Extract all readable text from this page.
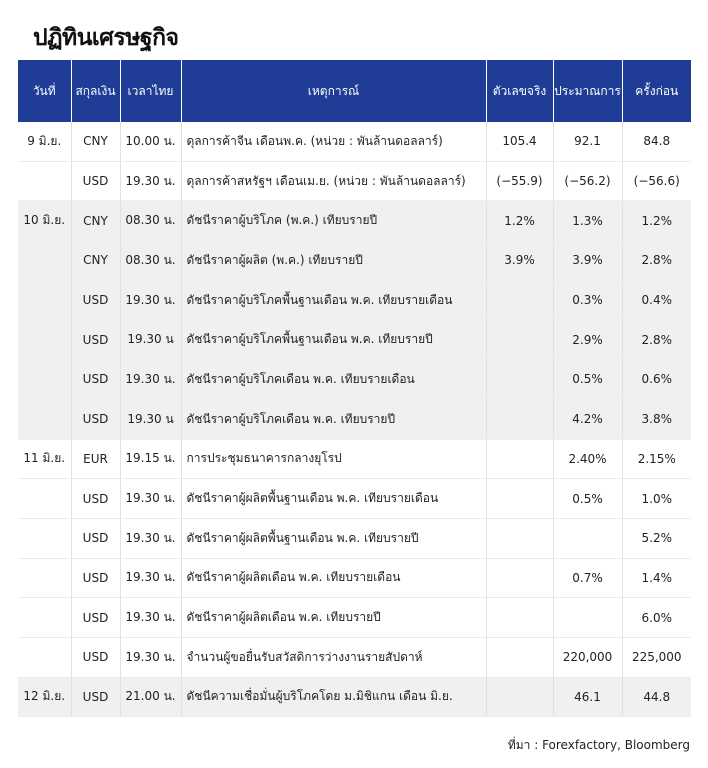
ปฏิทินเศรษฐกิจ
วันที่	สกุลเงิน	เวลาไทย	เหตุการณ์	ตัวเลขจริง	ประมาณการ	ครั้งก่อน
9 มิ.ย.	CNY	10.00 น.	ดุลการค้าจีน เดือนพ.ค. (หน่วย : พันล้านดอลลาร์)	105.4	92.1	84.8
	USD	19.30 น.	ดุลการค้าสหรัฐฯ เดือนเม.ย. (หน่วย : พันล้านดอลลาร์)	(−55.9)	(−56.2)	(−56.6)
10 มิ.ย.	CNY	08.30 น.	ดัชนีราคาผู้บริโภค (พ.ค.) เทียบรายปี	1.2%	1.3%	1.2%
	CNY	08.30 น.	ดัชนีราคาผู้ผลิต (พ.ค.) เทียบรายปี	3.9%	3.9%	2.8%
	USD	19.30 น.	ดัชนีราคาผู้บริโภคพื้นฐานเดือน พ.ค. เทียบรายเดือน		0.3%	0.4%
	USD	19.30 น	ดัชนีราคาผู้บริโภคพื้นฐานเดือน พ.ค. เทียบรายปี		2.9%	2.8%
	USD	19.30 น.	ดัชนีราคาผู้บริโภคเดือน พ.ค. เทียบรายเดือน		0.5%	0.6%
	USD	19.30 น	ดัชนีราคาผู้บริโภคเดือน พ.ค. เทียบรายปี		4.2%	3.8%
11 มิ.ย.	EUR	19.15 น.	การประชุมธนาคารกลางยุโรป		2.40%	2.15%
	USD	19.30 น.	ดัชนีราคาผู้ผลิตพื้นฐานเดือน พ.ค. เทียบรายเดือน		0.5%	1.0%
	USD	19.30 น.	ดัชนีราคาผู้ผลิตพื้นฐานเดือน พ.ค. เทียบรายปี			5.2%
	USD	19.30 น.	ดัชนีราคาผู้ผลิตเดือน พ.ค. เทียบรายเดือน		0.7%	1.4%
	USD	19.30 น.	ดัชนีราคาผู้ผลิตเดือน พ.ค. เทียบรายปี			6.0%
	USD	19.30 น.	จำนวนผู้ขอยื่นรับสวัสดิการว่างงานรายสัปดาห์		220,000	225,000
12 มิ.ย.	USD	21.00 น.	ดัชนีความเชื่อมั่นผู้บริโภคโดย ม.มิชิแกน เดือน มิ.ย.		46.1	44.8
ที่มา : Forexfactory, Bloomberg
